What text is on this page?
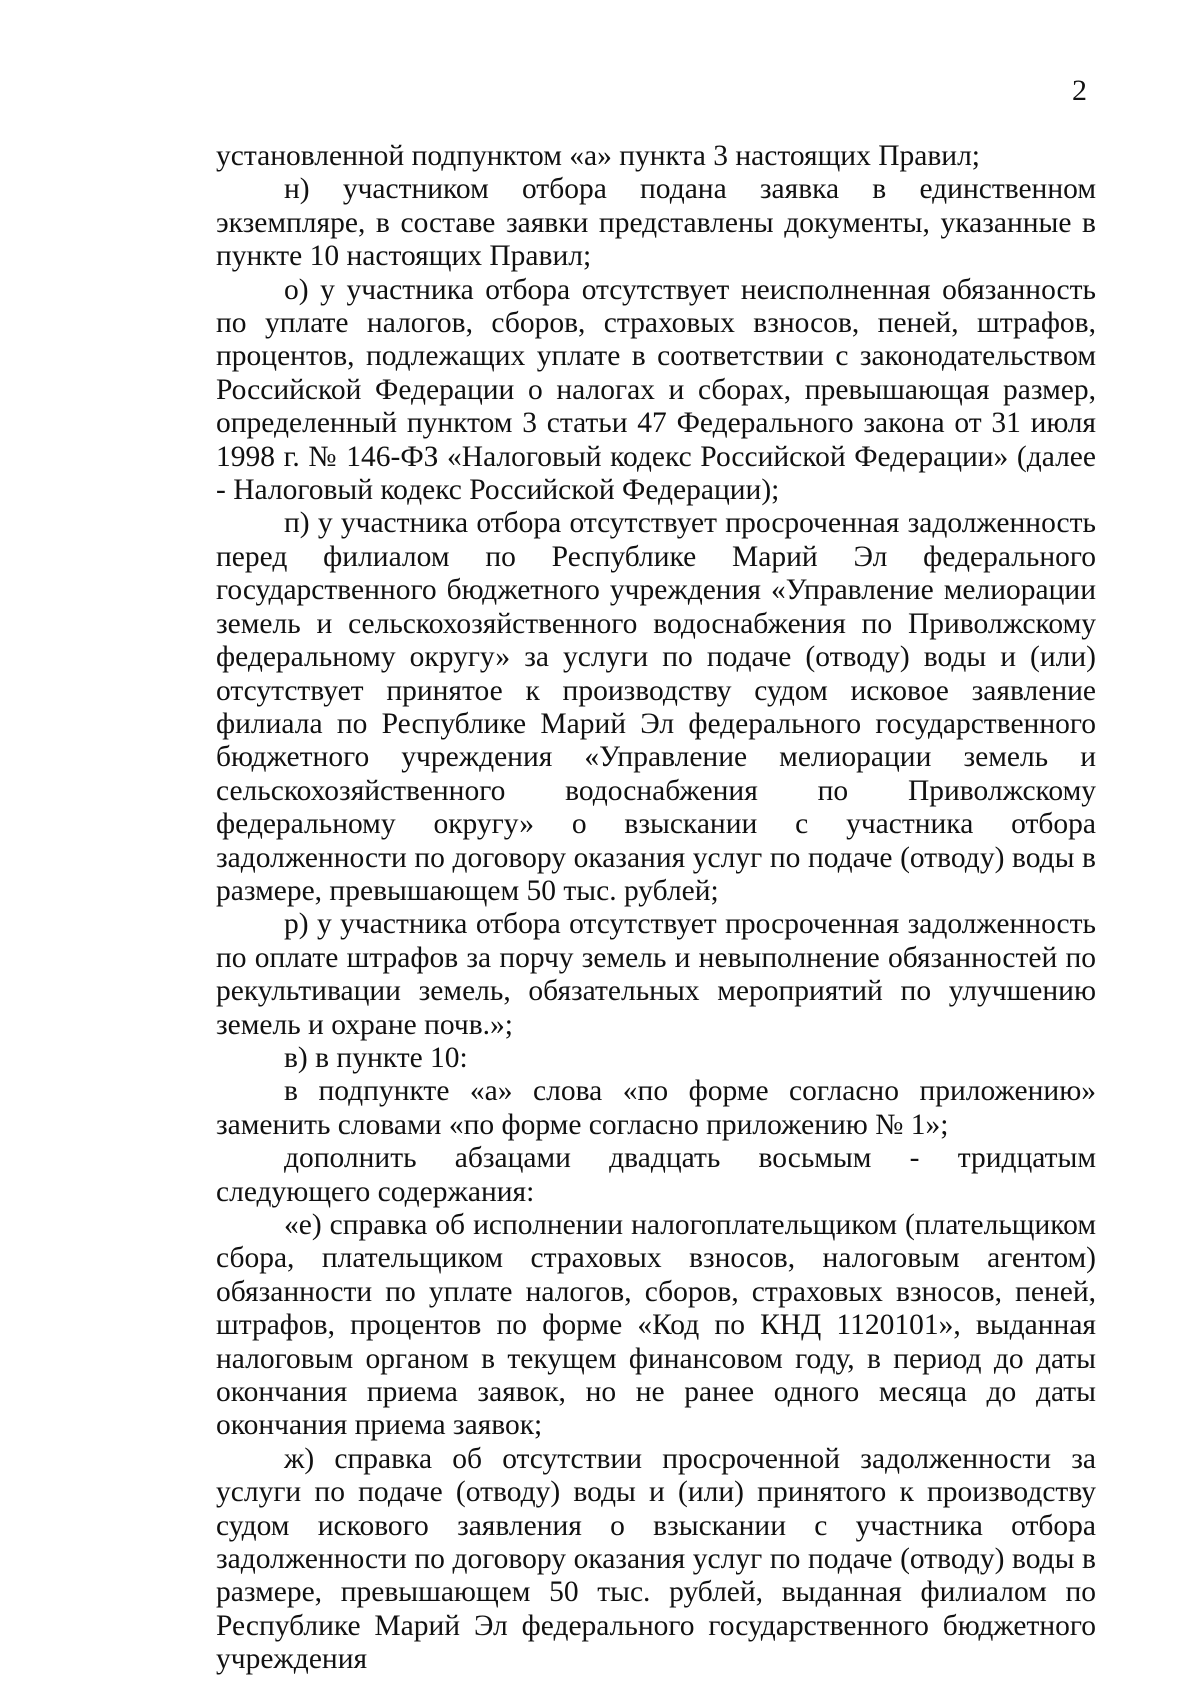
2

установленной подпунктом «а» пункта 3 настоящих Правил;

н) участником отбора подана заявка в единственном экземпляре, в составе заявки представлены документы, указанные в пункте 10 настоящих Правил;

о) у участника отбора отсутствует неисполненная обязанность по уплате налогов, сборов, страховых взносов, пеней, штрафов, процентов, подлежащих уплате в соответствии с законодательством Российской Федерации о налогах и сборах, превышающая размер, определенный пунктом 3 статьи 47 Федерального закона от 31 июля 1998 г. № 146-ФЗ «Налоговый кодекс Российской Федерации» (далее - Налоговый кодекс Российской Федерации);

п) у участника отбора отсутствует просроченная задолженность перед филиалом по Республике Марий Эл федерального государственного бюджетного учреждения «Управление мелиорации земель и сельскохозяйственного водоснабжения по Приволжскому федеральному округу» за услуги по подаче (отводу) воды и (или) отсутствует принятое к производству судом исковое заявление филиала по Республике Марий Эл федерального государственного бюджетного учреждения «Управление мелиорации земель и сельскохозяйственного водоснабжения по Приволжскому федеральному округу» о взыскании с участника отбора задолженности по договору оказания услуг по подаче (отводу) воды в размере, превышающем 50 тыс. рублей;

р) у участника отбора отсутствует просроченная задолженность по оплате штрафов за порчу земель и невыполнение обязанностей по рекультивации земель, обязательных мероприятий по улучшению земель и охране почв.»;

в) в пункте 10:

в подпункте «а» слова «по форме согласно приложению» заменить словами «по форме согласно приложению № 1»;

дополнить абзацами двадцать восьмым - тридцатым следующего содержания:

«е) справка об исполнении налогоплательщиком (плательщиком сбора, плательщиком страховых взносов, налоговым агентом) обязанности по уплате налогов, сборов, страховых взносов, пеней, штрафов, процентов по форме «Код по КНД 1120101», выданная налоговым органом в текущем финансовом году, в период до даты окончания приема заявок, но не ранее одного месяца до даты окончания приема заявок;

ж) справка об отсутствии просроченной задолженности за услуги по подаче (отводу) воды и (или) принятого к производству судом искового заявления о взыскании с участника отбора задолженности по договору оказания услуг по подаче (отводу) воды в размере, превышающем 50 тыс. рублей, выданная филиалом по Республике Марий Эл федерального государственного бюджетного учреждения
